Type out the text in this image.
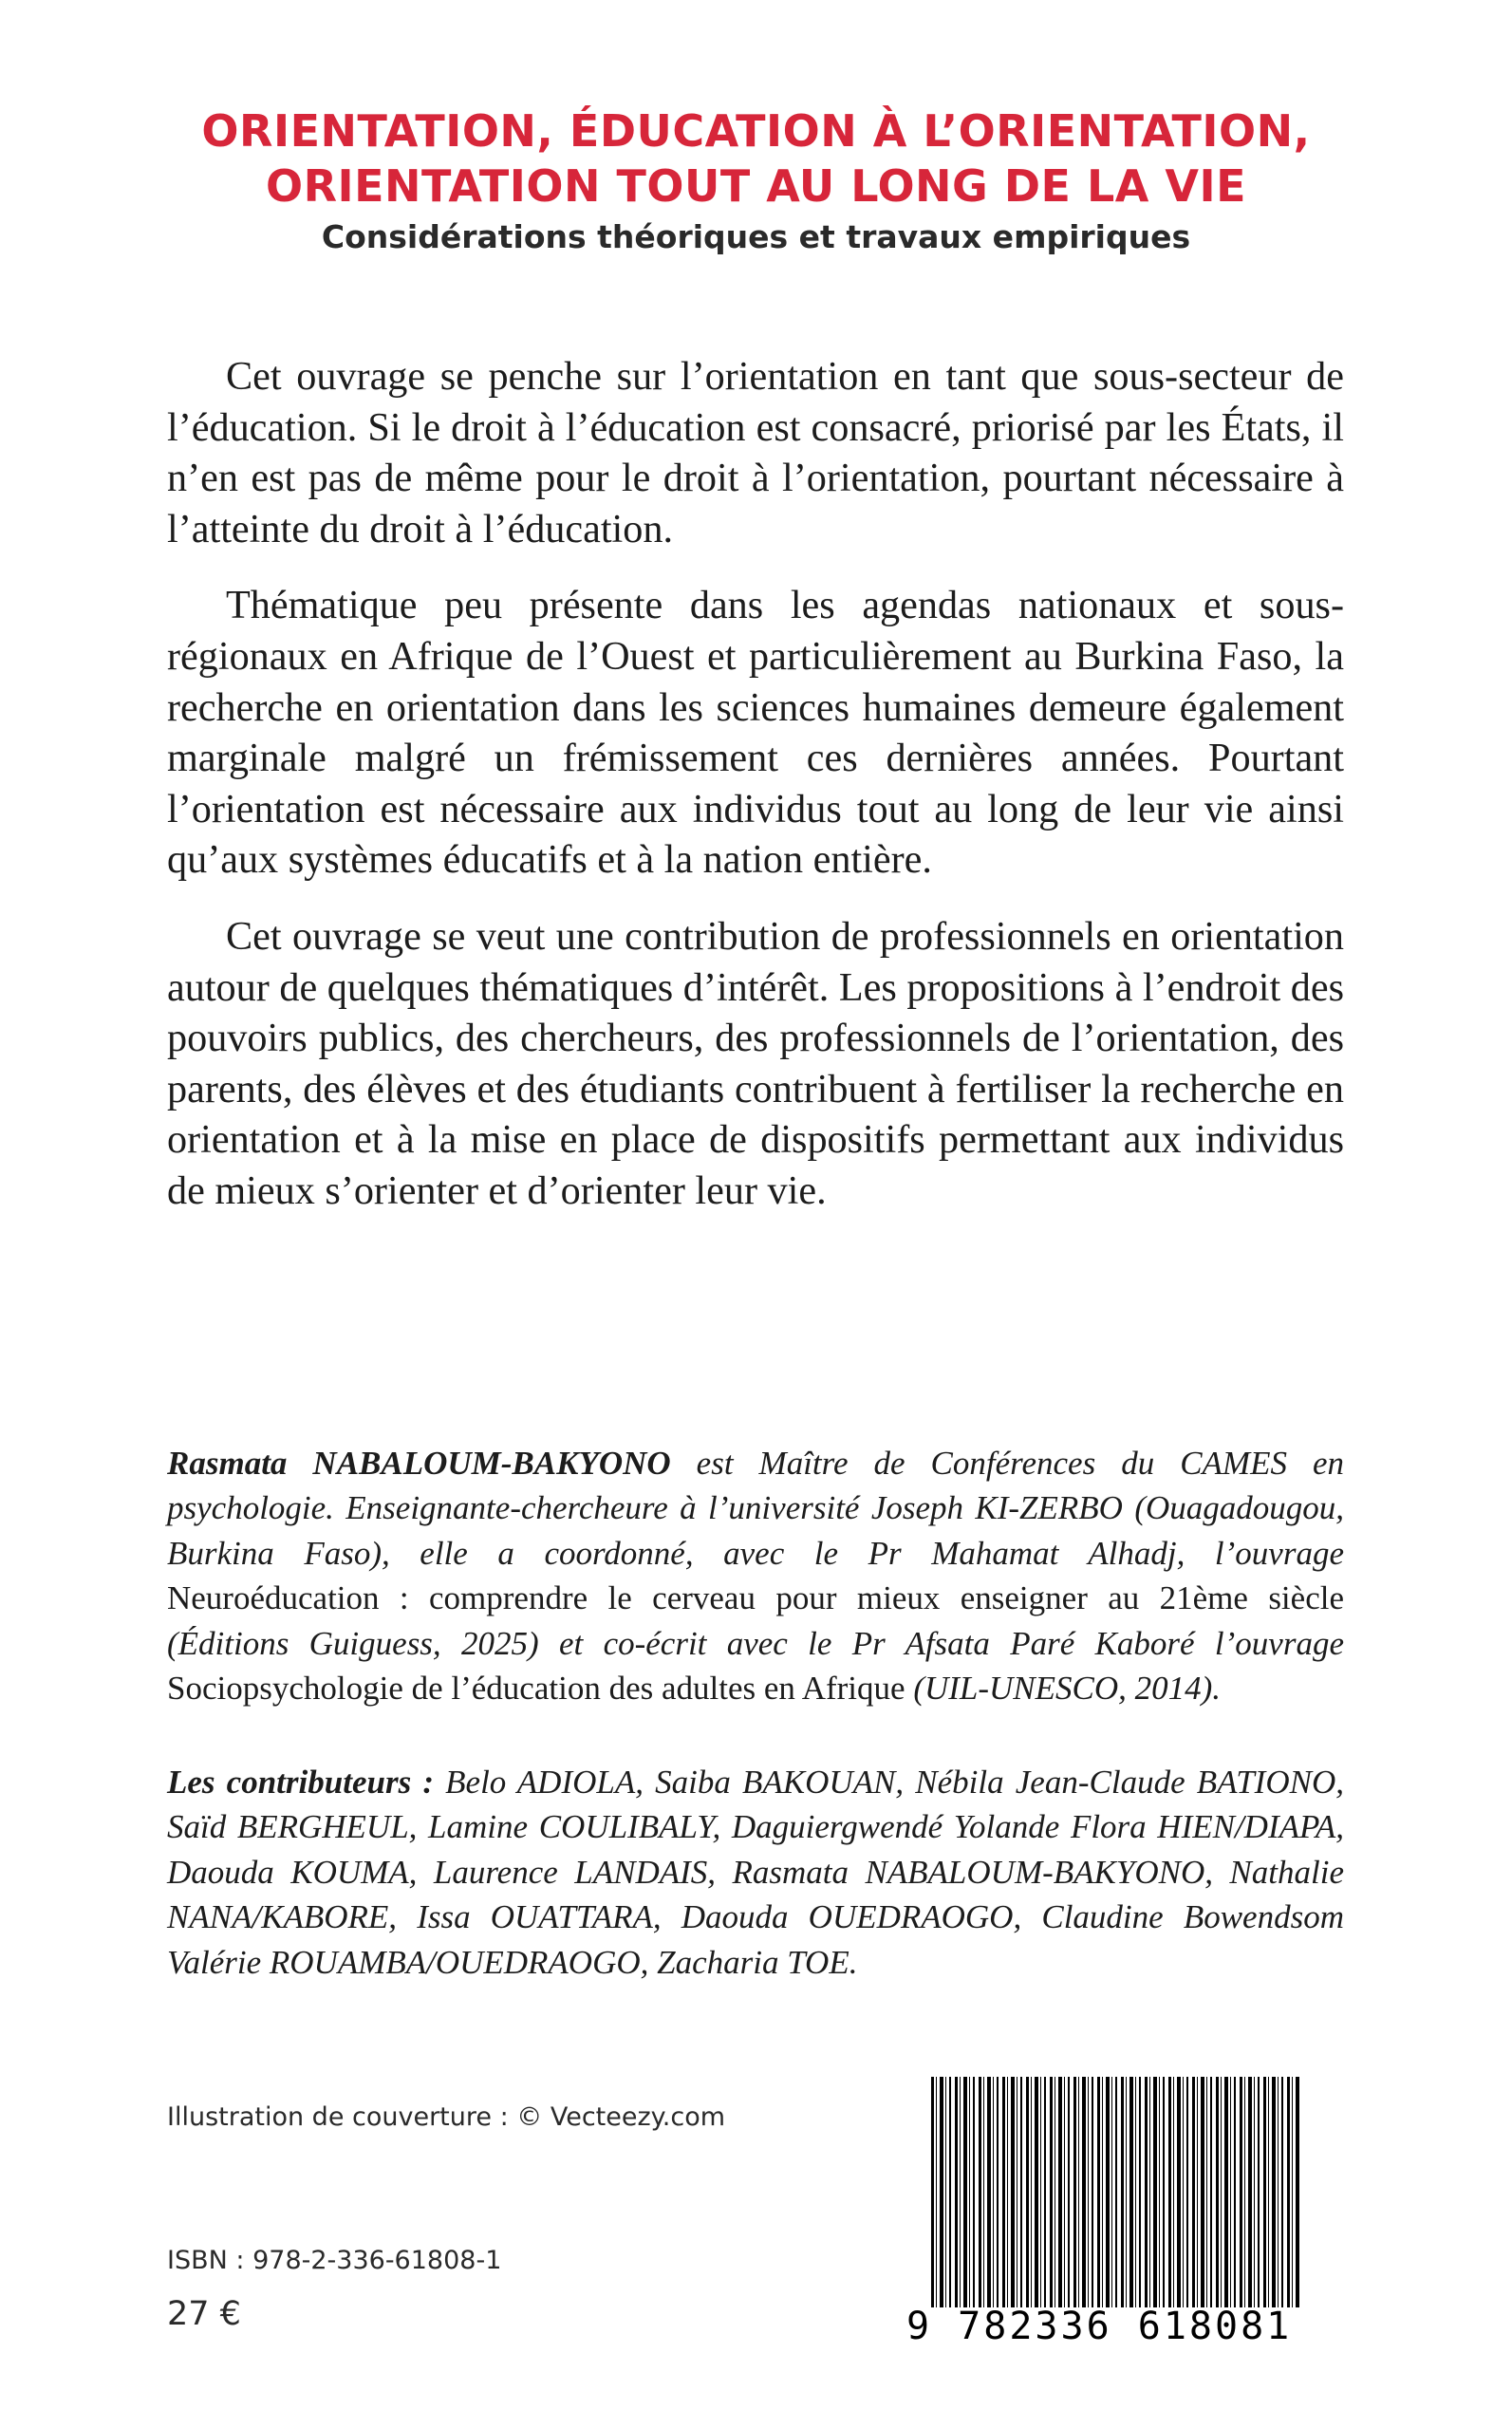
ORIENTATION, ÉDUCATION À L’ORIENTATION,
ORIENTATION TOUT AU LONG DE LA VIE
Considérations théoriques et travaux empiriques

Cet ouvrage se penche sur l’orientation en tant que sous-secteur de l’éducation. Si le droit à l’éducation est consacré, priorisé par les États, il n’en est pas de même pour le droit à l’orientation, pourtant nécessaire à l’atteinte du droit à l’éducation.

Thématique peu présente dans les agendas nationaux et sous-régionaux en Afrique de l’Ouest et particulièrement au Burkina Faso, la recherche en orientation dans les sciences humaines demeure également marginale malgré un frémissement ces dernières années. Pourtant l’orientation est nécessaire aux individus tout au long de leur vie ainsi qu’aux systèmes éducatifs et à la nation entière.

Cet ouvrage se veut une contribution de professionnels en orientation autour de quelques thématiques d’intérêt. Les propositions à l’endroit des pouvoirs publics, des chercheurs, des professionnels de l’orientation, des parents, des élèves et des étudiants contribuent à fertiliser la recherche en orientation et à la mise en place de dispositifs permettant aux individus de mieux s’orienter et d’orienter leur vie.

Rasmata NABALOUM-BAKYONO est Maître de Conférences du CAMES en psychologie. Enseignante-chercheure à l’université Joseph KI-ZERBO (Ouagadougou, Burkina Faso), elle a coordonné, avec le Pr Mahamat Alhadj, l’ouvrage Neuroéducation : comprendre le cerveau pour mieux enseigner au 21ème siècle (Éditions Guiguess, 2025) et co-écrit avec le Pr Afsata Paré Kaboré l’ouvrage Sociopsychologie de l’éducation des adultes en Afrique (UIL-UNESCO, 2014).
Les contributeurs : Belo ADIOLA, Saiba BAKOUAN, Nébila Jean-Claude BATIONO, Saïd BERGHEUL, Lamine COULIBALY, Daguiergwendé Yolande Flora HIEN/DIAPA, Daouda KOUMA, Laurence LANDAIS, Rasmata NABALOUM-BAKYONO, Nathalie NANA/KABORE, Issa OUATTARA, Daouda OUEDRAOGO, Claudine Bowendsom Valérie ROUAMBA/OUEDRAOGO, Zacharia TOE.
Illustration de couverture : © Vecteezy.com
ISBN : 978-2-336-61808-1
27 €	9 782336 618081
